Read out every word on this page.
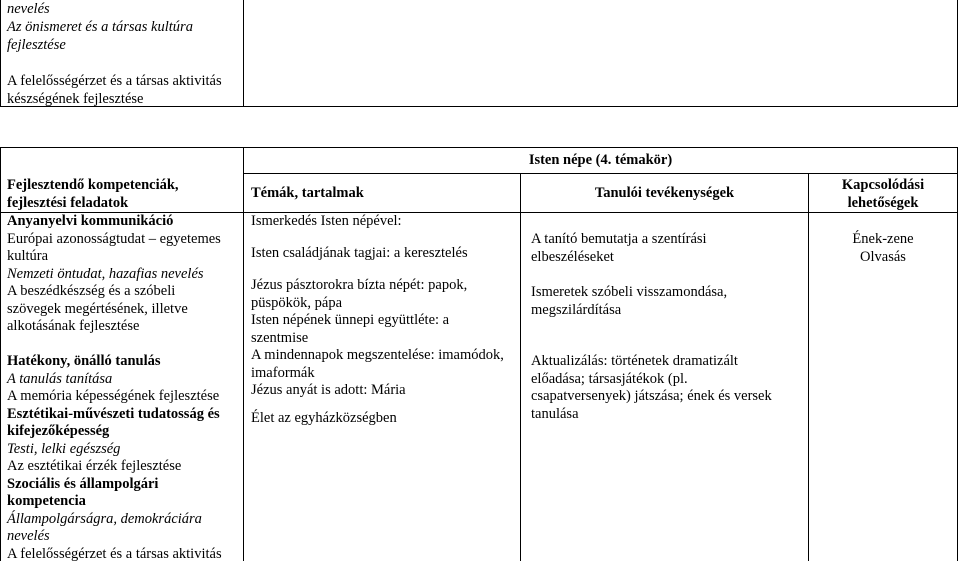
nevelés
Az önismeret és a társas kultúra
fejlesztése
A felelősségérzet és a társas aktivitás
készségének fejlesztése
Isten népe (4. témakör)
Fejlesztendő kompetenciák,
fejlesztési feladatok
Témák, tartalmak	Tanulói tevékenységek	Kapcsolódási
lehetőségek
Anyanyelvi kommunikáció
Európai azonosságtudat – egyetemes
kultúra
Nemzeti öntudat, hazafias nevelés
A beszédkészség és a szóbeli
szövegek megértésének, illetve
alkotásának fejlesztése
Hatékony, önálló tanulás
A tanulás tanítása
A memória képességének fejlesztése
Esztétikai-művészeti tudatosság és
kifejezőképesség
Testi, lelki egészség
Az esztétikai érzék fejlesztése
Szociális és állampolgári
kompetencia
Állampolgárságra, demokráciára
nevelés
A felelősségérzet és a társas aktivitás
Ismerkedés Isten népével:
Isten családjának tagjai: a keresztelés
Jézus pásztorokra bízta népét: papok,
püspökök, pápa
Isten népének ünnepi együttléte: a
szentmise
A mindennapok megszentelése: imamódok,
imaformák
Jézus anyát is adott: Mária
Élet az egyházközségben
A tanító bemutatja a szentírási
elbeszéléseket
Ismeretek szóbeli visszamondása,
megszilárdítása
Aktualizálás: történetek dramatizált
előadása; társasjátékok (pl.
csapatversenyek) játszása; ének és versek
tanulása
Ének-zene
Olvasás
